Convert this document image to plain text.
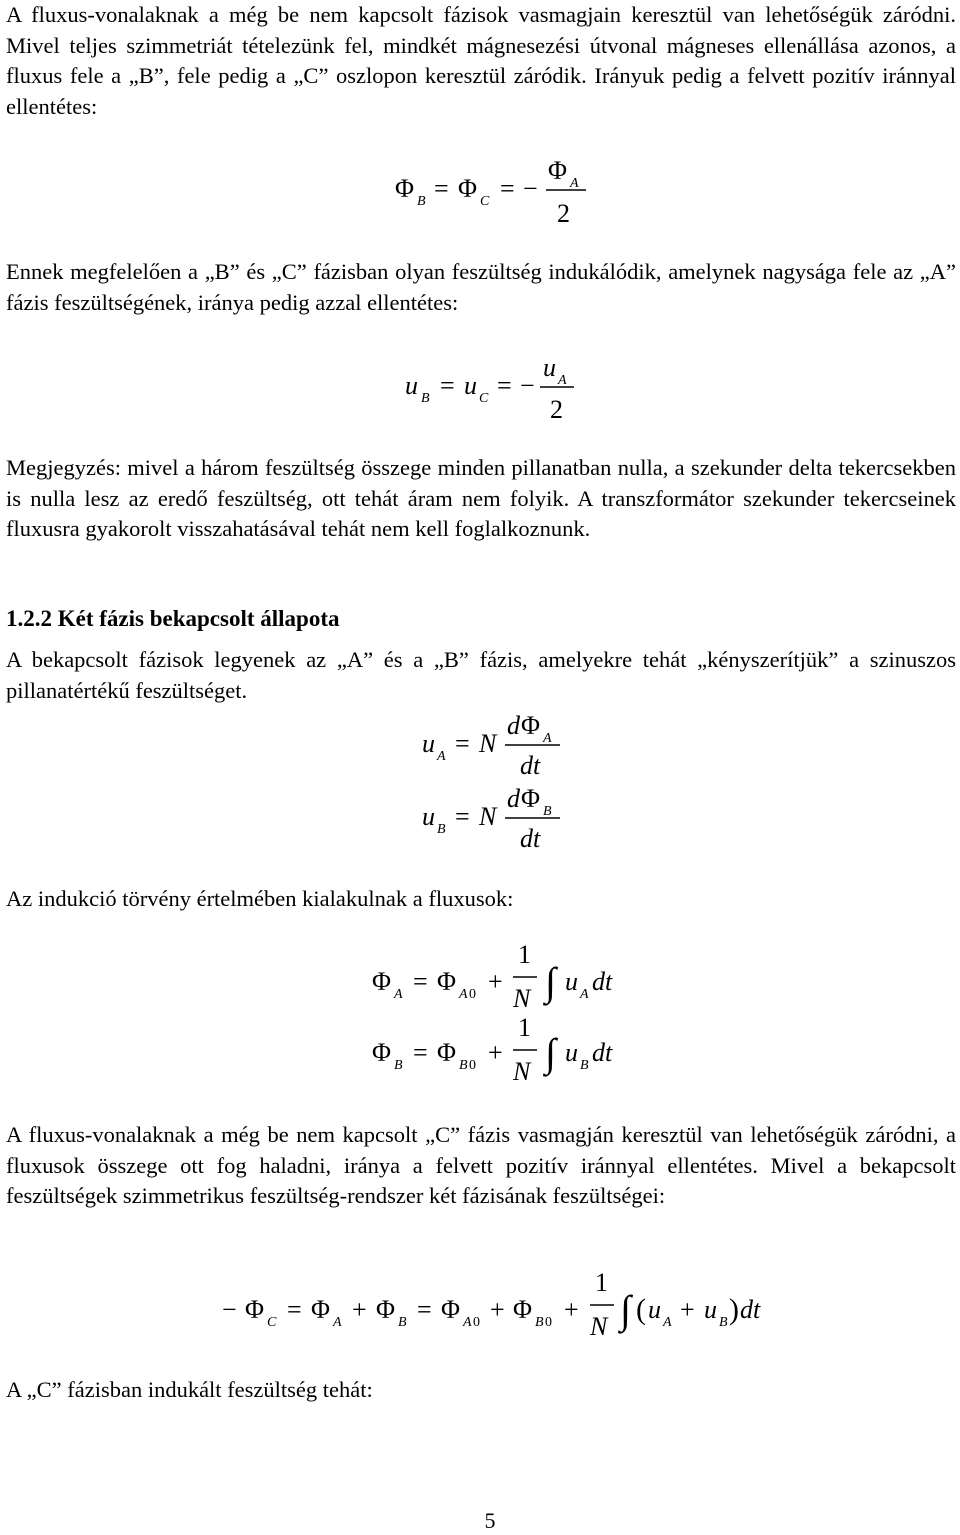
A fluxus-vonalaknak a még be nem kapcsolt fázisok vasmagjain keresztül van lehetőségük záródni. Mivel teljes szimmetriát tételezünk fel, mindkét mágnesezési útvonal mágneses ellenállása azonos, a fluxus fele a „B”, fele pedig a „C” oszlopon keresztül záródik. Irányuk pedig a felvett pozitív iránnyal ellentétes:

Ennek megfelelően a „B” és „C” fázisban olyan feszültség indukálódik, amelynek nagysága fele az „A” fázis feszültségének, iránya pedig azzal ellentétes:

Megjegyzés: mivel a három feszültség összege minden pillanatban nulla, a szekunder delta tekercsekben is nulla lesz az eredő feszültség, ott tehát áram nem folyik. A transzformátor szekunder tekercseinek fluxusra gyakorolt visszahatásával tehát nem kell foglalkoznunk.

1.2.2 Két fázis bekapcsolt állapota

A bekapcsolt fázisok legyenek az „A” és a „B” fázis, amelyekre tehát „kényszerítjük” a szinuszos pillanatértékű feszültséget.

Az indukció törvény értelmében kialakulnak a fluxusok:

A fluxus-vonalaknak a még be nem kapcsolt „C” fázis vasmagján keresztül van lehetőségük záródni, a fluxusok összege ott fog haladni, iránya a felvett pozitív iránnyal ellentétes. Mivel a bekapcsolt feszültségek szimmetrikus feszültség-rendszer két fázisának feszültségei:

A „C” fázisban indukált feszültség tehát:

Φ B = Φ C = −
Φ A
2
u B = u C = −
u A
2
u A = N
d Φ A
dt
u B = N
d Φ B
dt
Φ A = Φ A 0 +
1
N ∫ u A dt
Φ B = Φ B 0 +
1
N ∫ u B dt
− Φ C = Φ A + Φ B = Φ A 0 + Φ B 0 +
1
N ∫ ( u A + u B ) dt
5
